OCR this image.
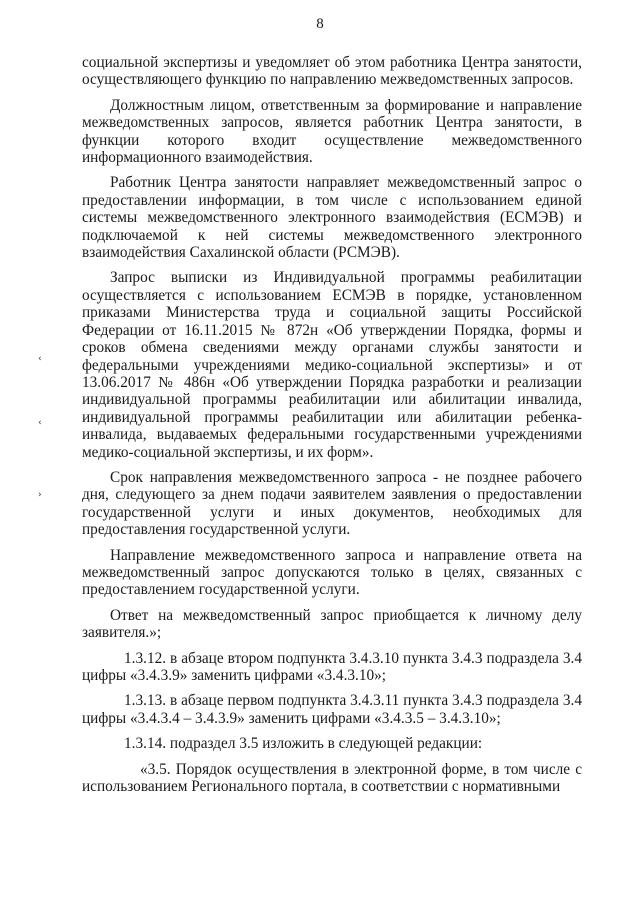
8

социальной экспертизы и уведомляет об этом работника Центра занятости, осуществляющего функцию по направлению межведомственных запросов.

Должностным лицом, ответственным за формирование и направление межведомственных запросов, является работник Центра занятости, в функции которого входит осуществление межведомственного информационного взаимодействия.

Работник Центра занятости направляет межведомственный запрос о предоставлении информации, в том числе с использованием единой системы межведомственного электронного взаимодействия (ЕСМЭВ) и подключаемой к ней системы межведомственного электронного взаимодействия Сахалинской области (РСМЭВ).

Запрос выписки из Индивидуальной программы реабилитации осуществляется с использованием ЕСМЭВ в порядке, установленном приказами Министерства труда и социальной защиты Российской Федерации от 16.11.2015 № 872н «Об утверждении Порядка, формы и сроков обмена сведениями между органами службы занятости и федеральными учреждениями медико-социальной экспертизы» и от 13.06.2017 № 486н «Об утверждении Порядка разработки и реализации индивидуальной программы реабилитации или абилитации инвалида, индивидуальной программы реабилитации или абилитации ребенка-инвалида, выдаваемых федеральными государственными учреждениями медико-социальной экспертизы, и их форм».

Срок направления межведомственного запроса - не позднее рабочего дня, следующего за днем подачи заявителем заявления о предоставлении государственной услуги и иных документов, необходимых для предоставления государственной услуги.

Направление межведомственного запроса и направление ответа на межведомственный запрос допускаются только в целях, связанных с предоставлением государственной услуги.

Ответ на межведомственный запрос приобщается к личному делу заявителя.»;

1.3.12. в абзаце втором подпункта 3.4.3.10 пункта 3.4.3 подраздела 3.4 цифры «3.4.3.9» заменить цифрами «3.4.3.10»;

1.3.13. в абзаце первом подпункта 3.4.3.11 пункта 3.4.3 подраздела 3.4 цифры «3.4.3.4 – 3.4.3.9» заменить цифрами «3.4.3.5 – 3.4.3.10»;

1.3.14. подраздел 3.5 изложить в следующей редакции:

«3.5. Порядок осуществления в электронной форме, в том числе с использованием Регионального портала, в соответствии с нормативными

‹
‹
›
